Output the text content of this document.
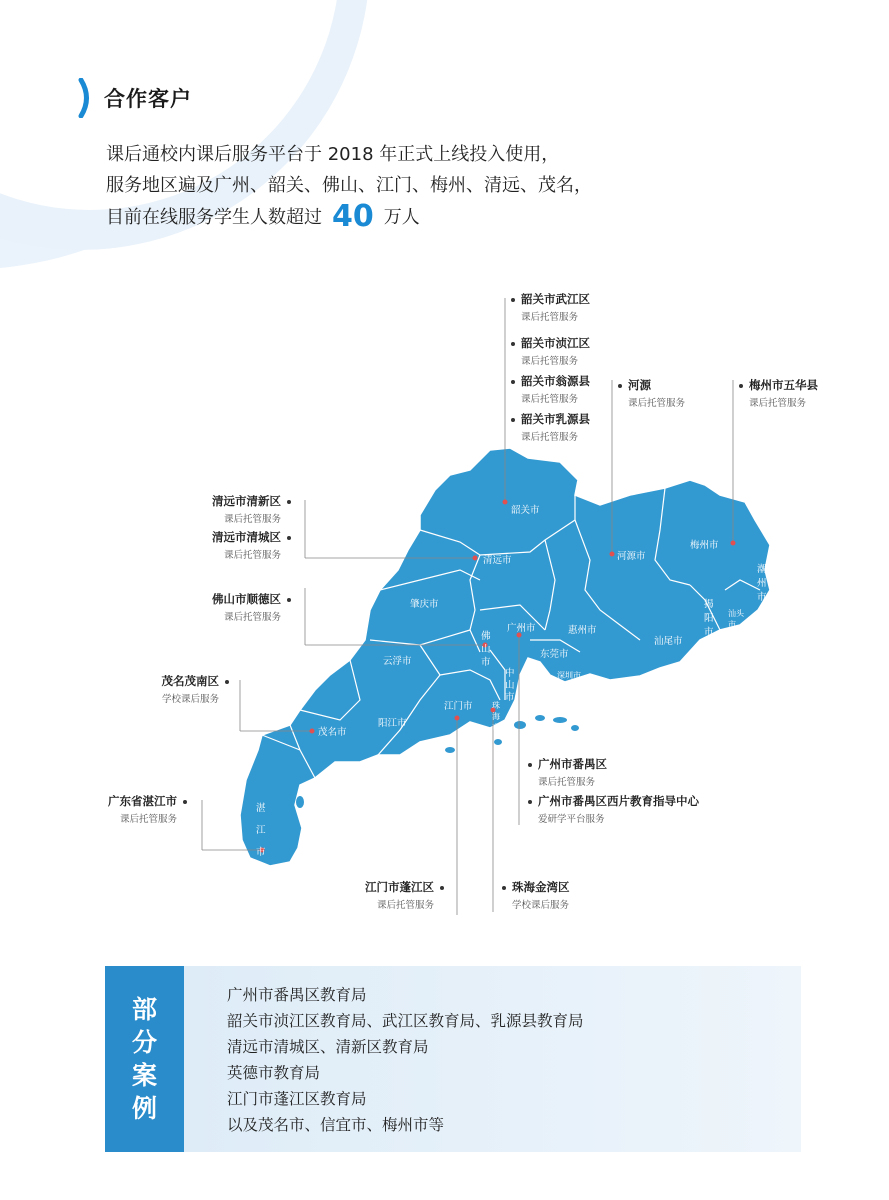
合作客户
课后通校内课后服务平台于 2018 年正式上线投入使用，
服务地区遍及广州、韶关、佛山、江门、梅州、清远、茂名，
目前在线服务学生人数超过 40 万人
韶关市
清远市	河源市
梅州市
潮州市
肇庆市
广州市	惠州市
揭阳市
汕头市
汕尾市
佛山市
东莞市
深圳市
云浮市
中山市
珠海市
江门市
阳江市
茂名市
湛江市
韶关市武江区
课后托管服务
韶关市浈江区
课后托管服务
韶关市翁源县
课后托管服务
韶关市乳源县
课后托管服务
河源
课后托管服务
梅州市五华县
课后托管服务
清远市清新区
课后托管服务
清远市清城区
课后托管服务
佛山市顺德区
课后托管服务
茂名茂南区
学校课后服务
广东省湛江市
课后托管服务
广州市番禺区
课后托管服务
广州市番禺区西片教育指导中心
爱研学平台服务
江门市蓬江区
课后托管服务
珠海金湾区
学校课后服务
部
分
案
例
广州市番禺区教育局
韶关市浈江区教育局、武江区教育局、乳源县教育局
清远市清城区、清新区教育局
英德市教育局
江门市蓬江区教育局
以及茂名市、信宜市、梅州市等
